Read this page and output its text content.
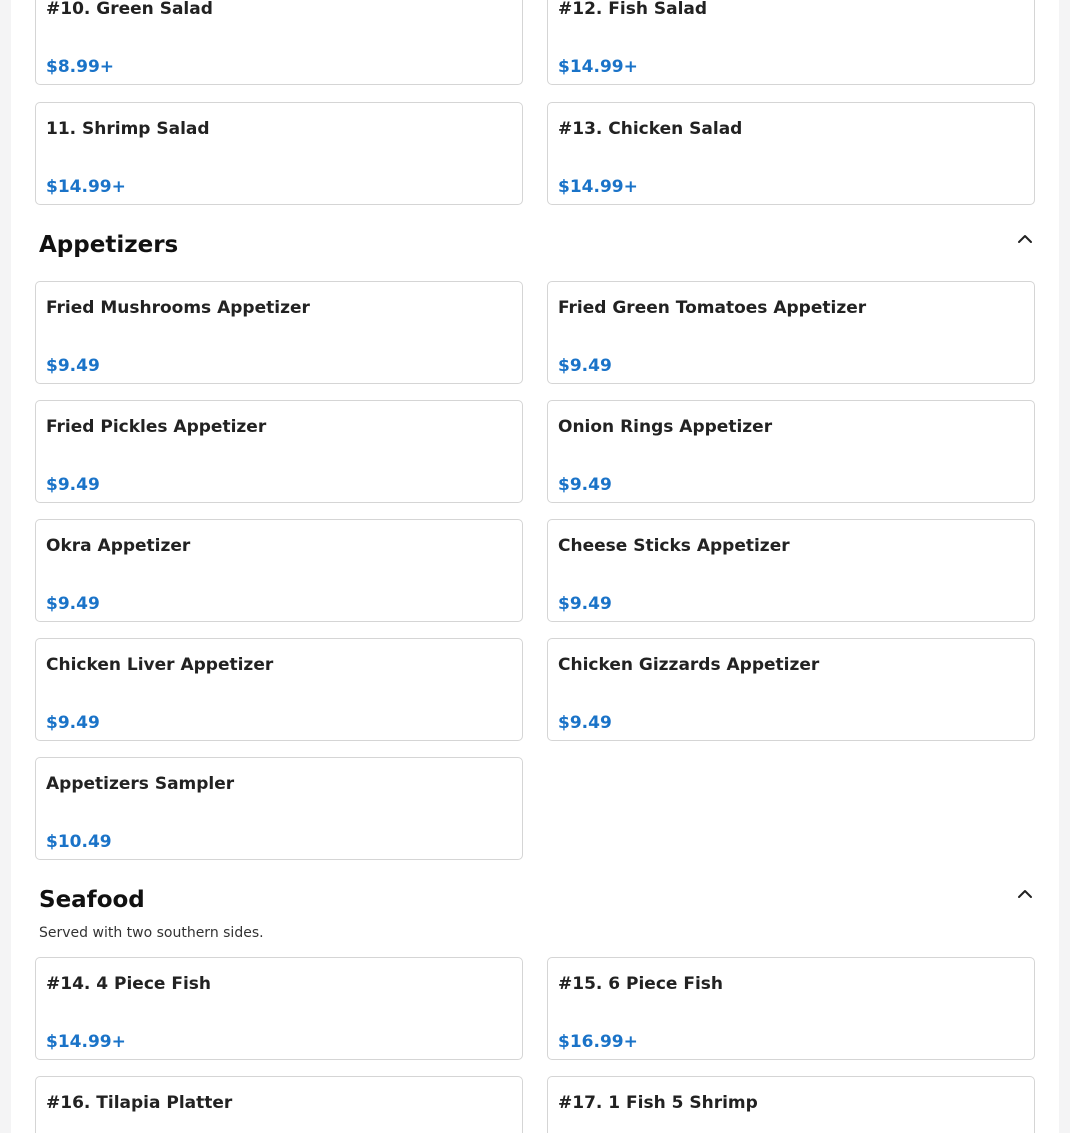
#10. Green Salad
$8.99+
#12. Fish Salad
$14.99+
11. Shrimp Salad
$14.99+
#13. Chicken Salad
$14.99+
Appetizers
Fried Mushrooms Appetizer
$9.49
Fried Green Tomatoes Appetizer
$9.49
Fried Pickles Appetizer
$9.49
Onion Rings Appetizer
$9.49
Okra Appetizer
$9.49
Cheese Sticks Appetizer
$9.49
Chicken Liver Appetizer
$9.49
Chicken Gizzards Appetizer
$9.49
Appetizers Sampler
$10.49
Seafood
Served with two southern sides.
#14. 4 Piece Fish
$14.99+
#15. 6 Piece Fish
$16.99+
#16. Tilapia Platter	#17. 1 Fish 5 Shrimp
